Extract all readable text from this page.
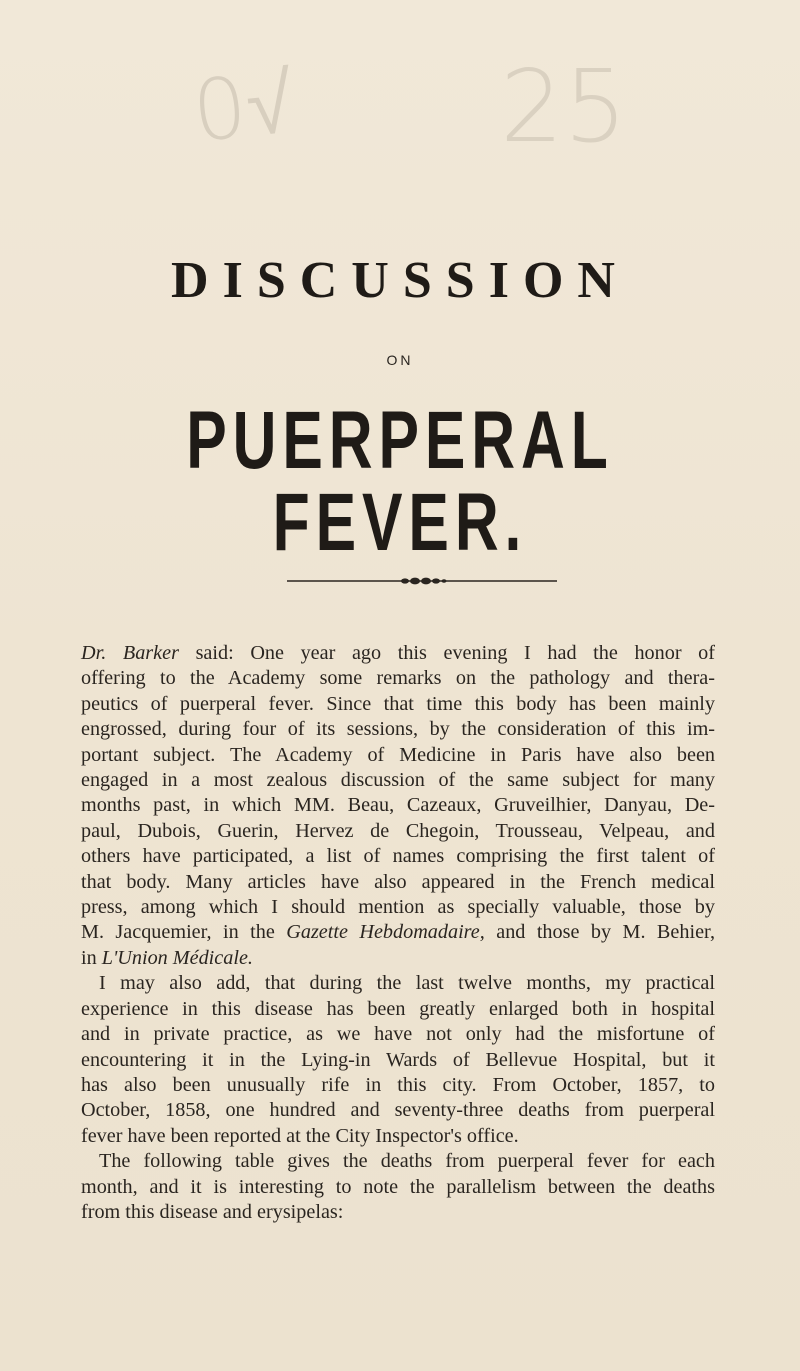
0√ 25
DISCUSSION
ON
PUERPERAL FEVER.
Dr. Barker said: One year ago this evening I had the honor of
offering to the Academy some remarks on the pathology and thera-
peutics of puerperal fever. Since that time this body has been mainly
engrossed, during four of its sessions, by the consideration of this im-
portant subject. The Academy of Medicine in Paris have also been
engaged in a most zealous discussion of the same subject for many
months past, in which MM. Beau, Cazeaux, Gruveilhier, Danyau, De-
paul, Dubois, Guerin, Hervez de Chegoin, Trousseau, Velpeau, and
others have participated, a list of names comprising the first talent of
that body. Many articles have also appeared in the French medical
press, among which I should mention as specially valuable, those by
M. Jacquemier, in the Gazette Hebdomadaire, and those by M. Behier,
in L'Union Médicale.
I may also add, that during the last twelve months, my practical
experience in this disease has been greatly enlarged both in hospital
and in private practice, as we have not only had the misfortune of
encountering it in the Lying-in Wards of Bellevue Hospital, but it
has also been unusually rife in this city. From October, 1857, to
October, 1858, one hundred and seventy-three deaths from puerperal
fever have been reported at the City Inspector's office.
The following table gives the deaths from puerperal fever for each
month, and it is interesting to note the parallelism between the deaths
from this disease and erysipelas:
